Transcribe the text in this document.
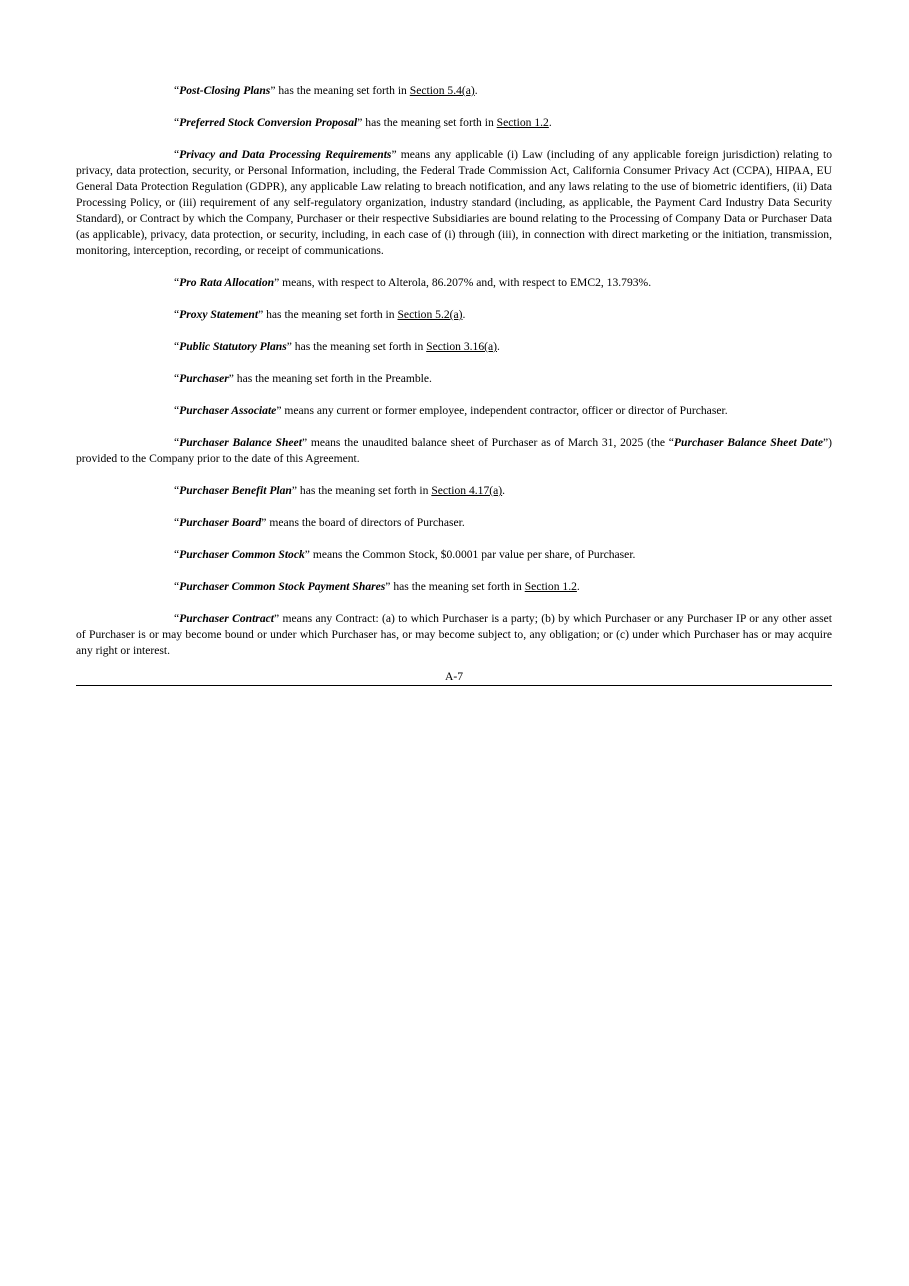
“Post-Closing Plans” has the meaning set forth in Section 5.4(a).

“Preferred Stock Conversion Proposal” has the meaning set forth in Section 1.2.

“Privacy and Data Processing Requirements” means any applicable (i) Law (including of any applicable foreign jurisdiction) relating to privacy, data protection, security, or Personal Information, including, the Federal Trade Commission Act, California Consumer Privacy Act (CCPA), HIPAA, EU General Data Protection Regulation (GDPR), any applicable Law relating to breach notification, and any laws relating to the use of biometric identifiers, (ii) Data Processing Policy, or (iii) requirement of any self-regulatory organization, industry standard (including, as applicable, the Payment Card Industry Data Security Standard), or Contract by which the Company, Purchaser or their respective Subsidiaries are bound relating to the Processing of Company Data or Purchaser Data (as applicable), privacy, data protection, or security, including, in each case of (i) through (iii), in connection with direct marketing or the initiation, transmission, monitoring, interception, recording, or receipt of communications.

“Pro Rata Allocation” means, with respect to Alterola, 86.207% and, with respect to EMC2, 13.793%.

“Proxy Statement” has the meaning set forth in Section 5.2(a).

“Public Statutory Plans” has the meaning set forth in Section 3.16(a).

“Purchaser” has the meaning set forth in the Preamble.

“Purchaser Associate” means any current or former employee, independent contractor, officer or director of Purchaser.

“Purchaser Balance Sheet” means the unaudited balance sheet of Purchaser as of March 31, 2025 (the “Purchaser Balance Sheet Date”) provided to the Company prior to the date of this Agreement.

“Purchaser Benefit Plan” has the meaning set forth in Section 4.17(a).

“Purchaser Board” means the board of directors of Purchaser.

“Purchaser Common Stock” means the Common Stock, $0.0001 par value per share, of Purchaser.

“Purchaser Common Stock Payment Shares” has the meaning set forth in Section 1.2.

“Purchaser Contract” means any Contract: (a) to which Purchaser is a party; (b) by which Purchaser or any Purchaser IP or any other asset of Purchaser is or may become bound or under which Purchaser has, or may become subject to, any obligation; or (c) under which Purchaser has or may acquire any right or interest.

A-7
